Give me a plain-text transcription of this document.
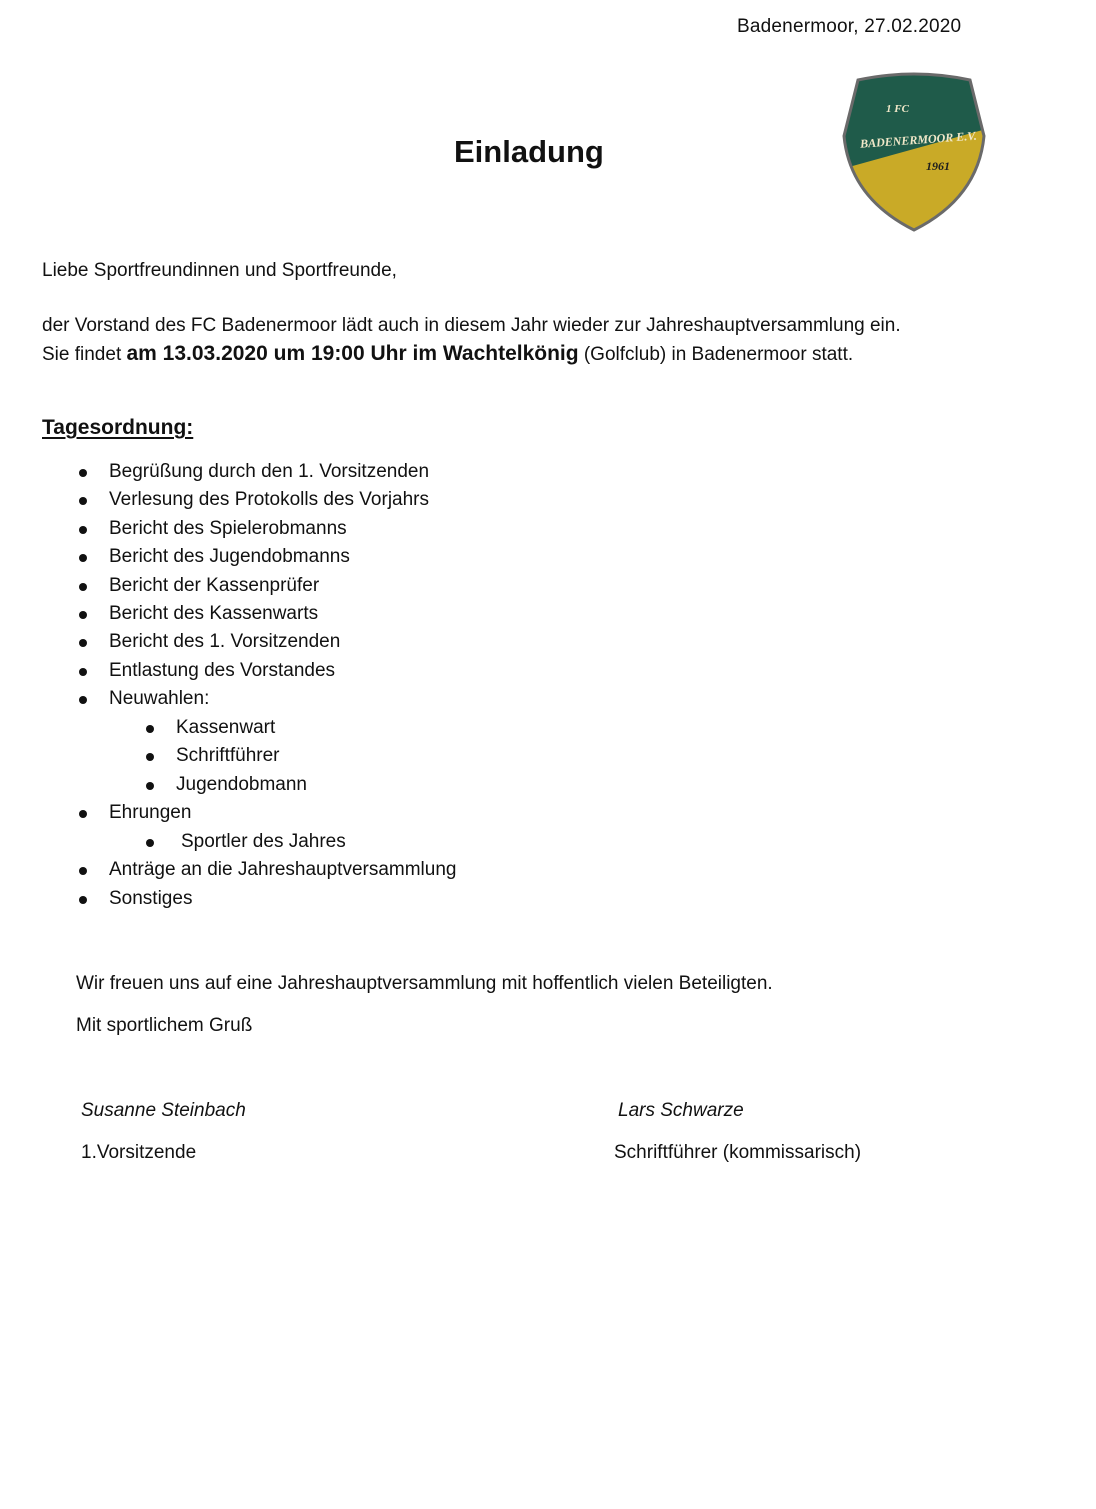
Badenermoor, 27.02.2020
Einladung
1 FC
BADENERMOOR E.V.
1961
Liebe Sportfreundinnen und Sportfreunde,
der Vorstand des FC Badenermoor lädt auch in diesem Jahr wieder zur Jahreshauptversammlung ein.
Sie findet am 13.03.2020 um 19:00 Uhr im Wachtelkönig (Golfclub) in Badenermoor statt.
Tagesordnung:
Begrüßung durch den 1. Vorsitzenden
Verlesung des Protokolls des Vorjahrs
Bericht des Spielerobmanns
Bericht des Jugendobmanns
Bericht der Kassenprüfer
Bericht des Kassenwarts
Bericht des 1. Vorsitzenden
Entlastung des Vorstandes
Neuwahlen:
Kassenwart
Schriftführer
Jugendobmann
Ehrungen
Sportler des Jahres
Anträge an die Jahreshauptversammlung
Sonstiges
Wir freuen uns auf eine Jahreshauptversammlung mit hoffentlich vielen Beteiligten.
Mit sportlichem Gruß
Susanne Steinbach
1.Vorsitzende
Lars Schwarze
Schriftführer (kommissarisch)
